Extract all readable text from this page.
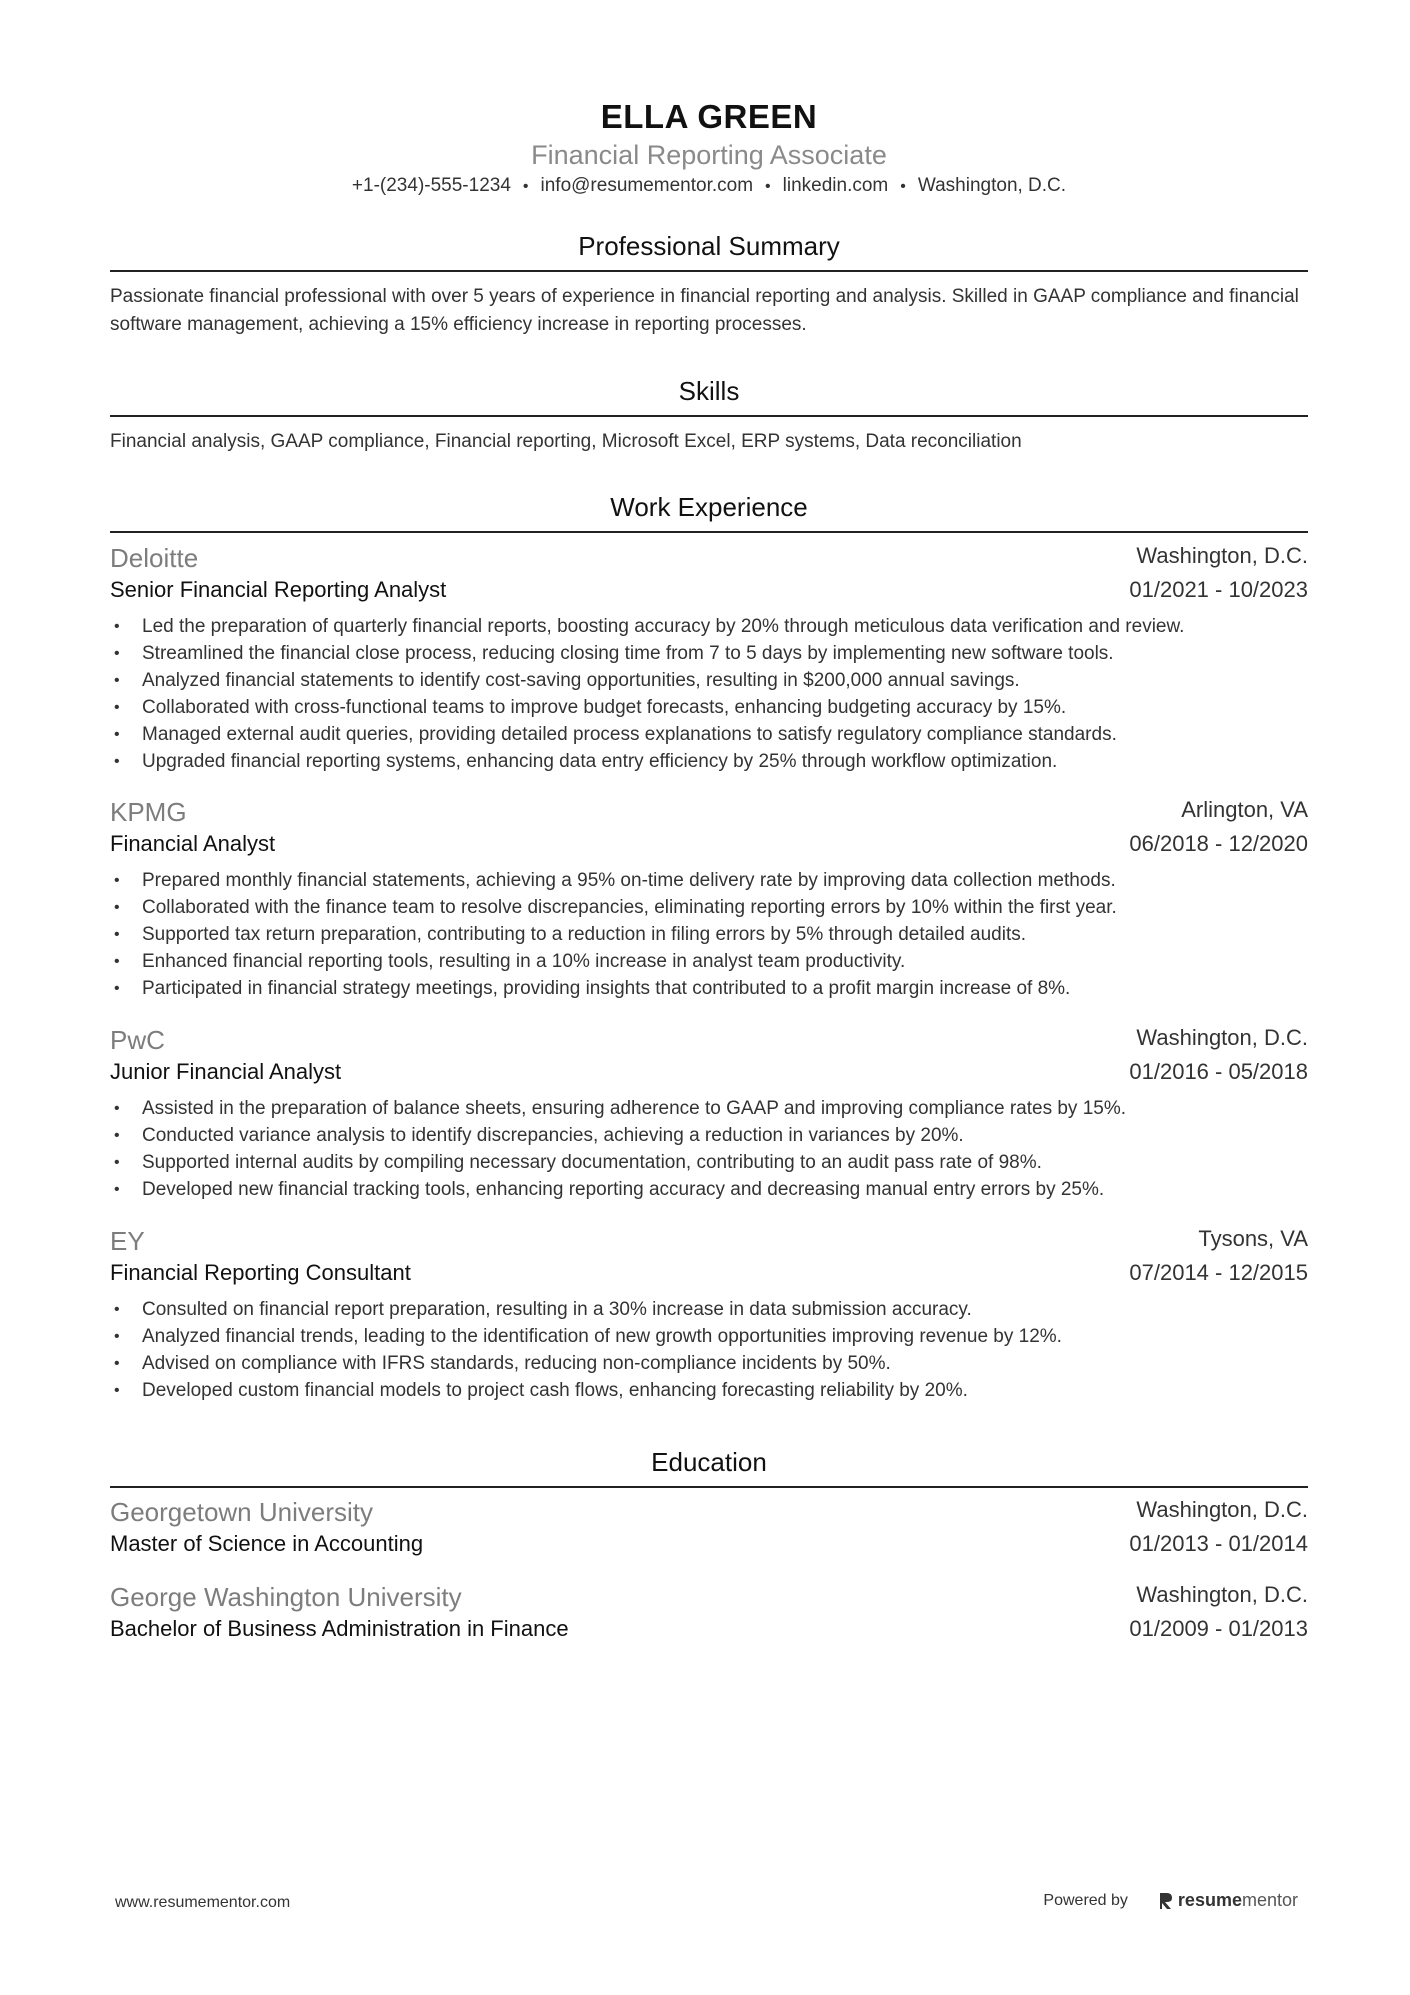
ELLA GREEN
Financial Reporting Associate
+1-(234)-555-1234 • info@resumementor.com • linkedin.com • Washington, D.C.
Professional Summary
Passionate financial professional with over 5 years of experience in financial reporting and analysis. Skilled in GAAP compliance and financial software management, achieving a 15% efficiency increase in reporting processes.
Skills
Financial analysis, GAAP compliance, Financial reporting, Microsoft Excel, ERP systems, Data reconciliation
Work Experience
Deloitte	Washington, D.C.
Senior Financial Reporting Analyst	01/2021 - 10/2023
• Led the preparation of quarterly financial reports, boosting accuracy by 20% through meticulous data verification and review.
• Streamlined the financial close process, reducing closing time from 7 to 5 days by implementing new software tools.
• Analyzed financial statements to identify cost-saving opportunities, resulting in $200,000 annual savings.
• Collaborated with cross-functional teams to improve budget forecasts, enhancing budgeting accuracy by 15%.
• Managed external audit queries, providing detailed process explanations to satisfy regulatory compliance standards.
• Upgraded financial reporting systems, enhancing data entry efficiency by 25% through workflow optimization.
KPMG	Arlington, VA
Financial Analyst	06/2018 - 12/2020
• Prepared monthly financial statements, achieving a 95% on-time delivery rate by improving data collection methods.
• Collaborated with the finance team to resolve discrepancies, eliminating reporting errors by 10% within the first year.
• Supported tax return preparation, contributing to a reduction in filing errors by 5% through detailed audits.
• Enhanced financial reporting tools, resulting in a 10% increase in analyst team productivity.
• Participated in financial strategy meetings, providing insights that contributed to a profit margin increase of 8%.
PwC	Washington, D.C.
Junior Financial Analyst	01/2016 - 05/2018
• Assisted in the preparation of balance sheets, ensuring adherence to GAAP and improving compliance rates by 15%.
• Conducted variance analysis to identify discrepancies, achieving a reduction in variances by 20%.
• Supported internal audits by compiling necessary documentation, contributing to an audit pass rate of 98%.
• Developed new financial tracking tools, enhancing reporting accuracy and decreasing manual entry errors by 25%.
EY	Tysons, VA
Financial Reporting Consultant	07/2014 - 12/2015
• Consulted on financial report preparation, resulting in a 30% increase in data submission accuracy.
• Analyzed financial trends, leading to the identification of new growth opportunities improving revenue by 12%.
• Advised on compliance with IFRS standards, reducing non-compliance incidents by 50%.
• Developed custom financial models to project cash flows, enhancing forecasting reliability by 20%.
Education
Georgetown University	Washington, D.C.
Master of Science in Accounting	01/2013 - 01/2014
George Washington University	Washington, D.C.
Bachelor of Business Administration in Finance	01/2009 - 01/2013
www.resumementor.com	Powered by	resume mentor
